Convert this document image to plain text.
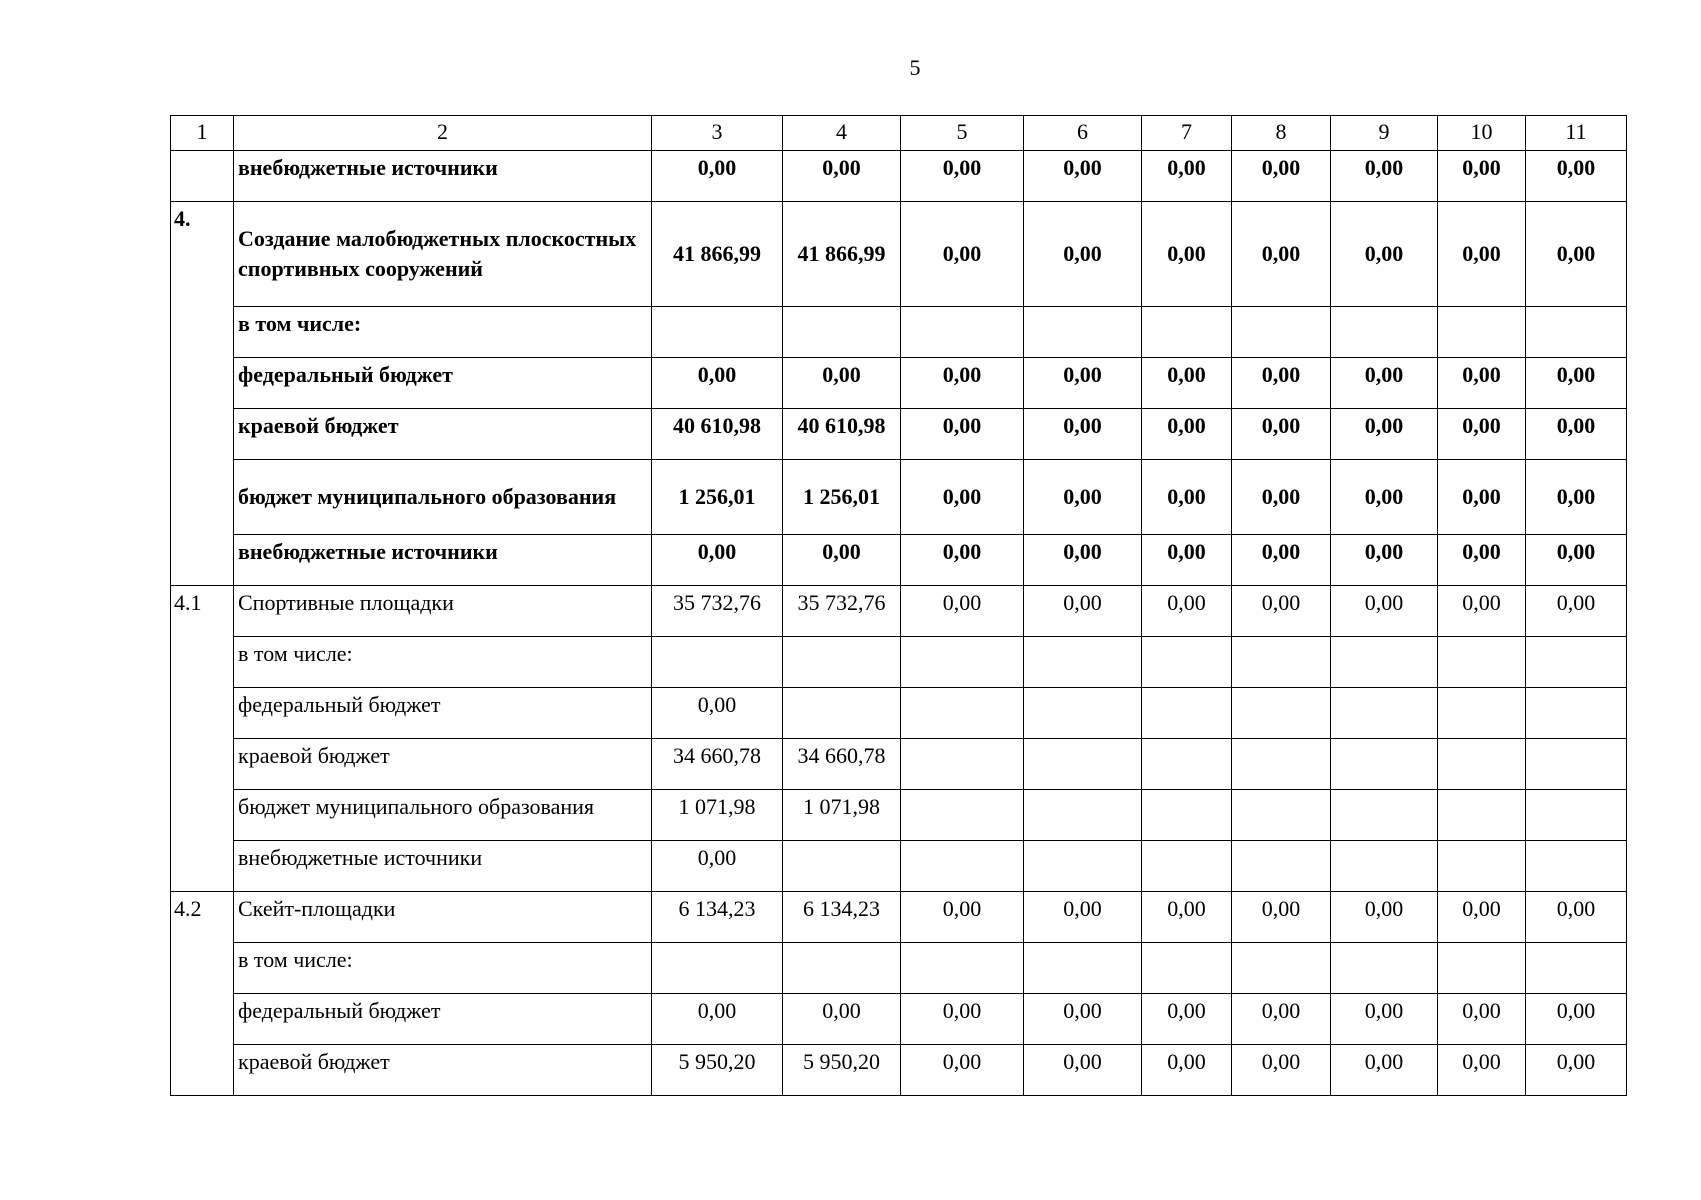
5
1	2	3	4	5	6	7	8	9	10	11
	внебюджетные источники	0,00	0,00	0,00	0,00	0,00	0,00	0,00	0,00	0,00
4.	Создание малобюджетных плоскостных спортивных сооружений	41 866,99	41 866,99	0,00	0,00	0,00	0,00	0,00	0,00	0,00
	в том числе:									
	федеральный бюджет	0,00	0,00	0,00	0,00	0,00	0,00	0,00	0,00	0,00
	краевой бюджет	40 610,98	40 610,98	0,00	0,00	0,00	0,00	0,00	0,00	0,00
	бюджет муниципального образования	1 256,01	1 256,01	0,00	0,00	0,00	0,00	0,00	0,00	0,00
	внебюджетные источники	0,00	0,00	0,00	0,00	0,00	0,00	0,00	0,00	0,00
4.1	Спортивные площадки	35 732,76	35 732,76	0,00	0,00	0,00	0,00	0,00	0,00	0,00
	в том числе:									
	федеральный бюджет	0,00								
	краевой бюджет	34 660,78	34 660,78							
	бюджет муниципального образования	1 071,98	1 071,98							
	внебюджетные источники	0,00								
4.2	Скейт-площадки	6 134,23	6 134,23	0,00	0,00	0,00	0,00	0,00	0,00	0,00
	в том числе:									
	федеральный бюджет	0,00	0,00	0,00	0,00	0,00	0,00	0,00	0,00	0,00
	краевой бюджет	5 950,20	5 950,20	0,00	0,00	0,00	0,00	0,00	0,00	0,00
